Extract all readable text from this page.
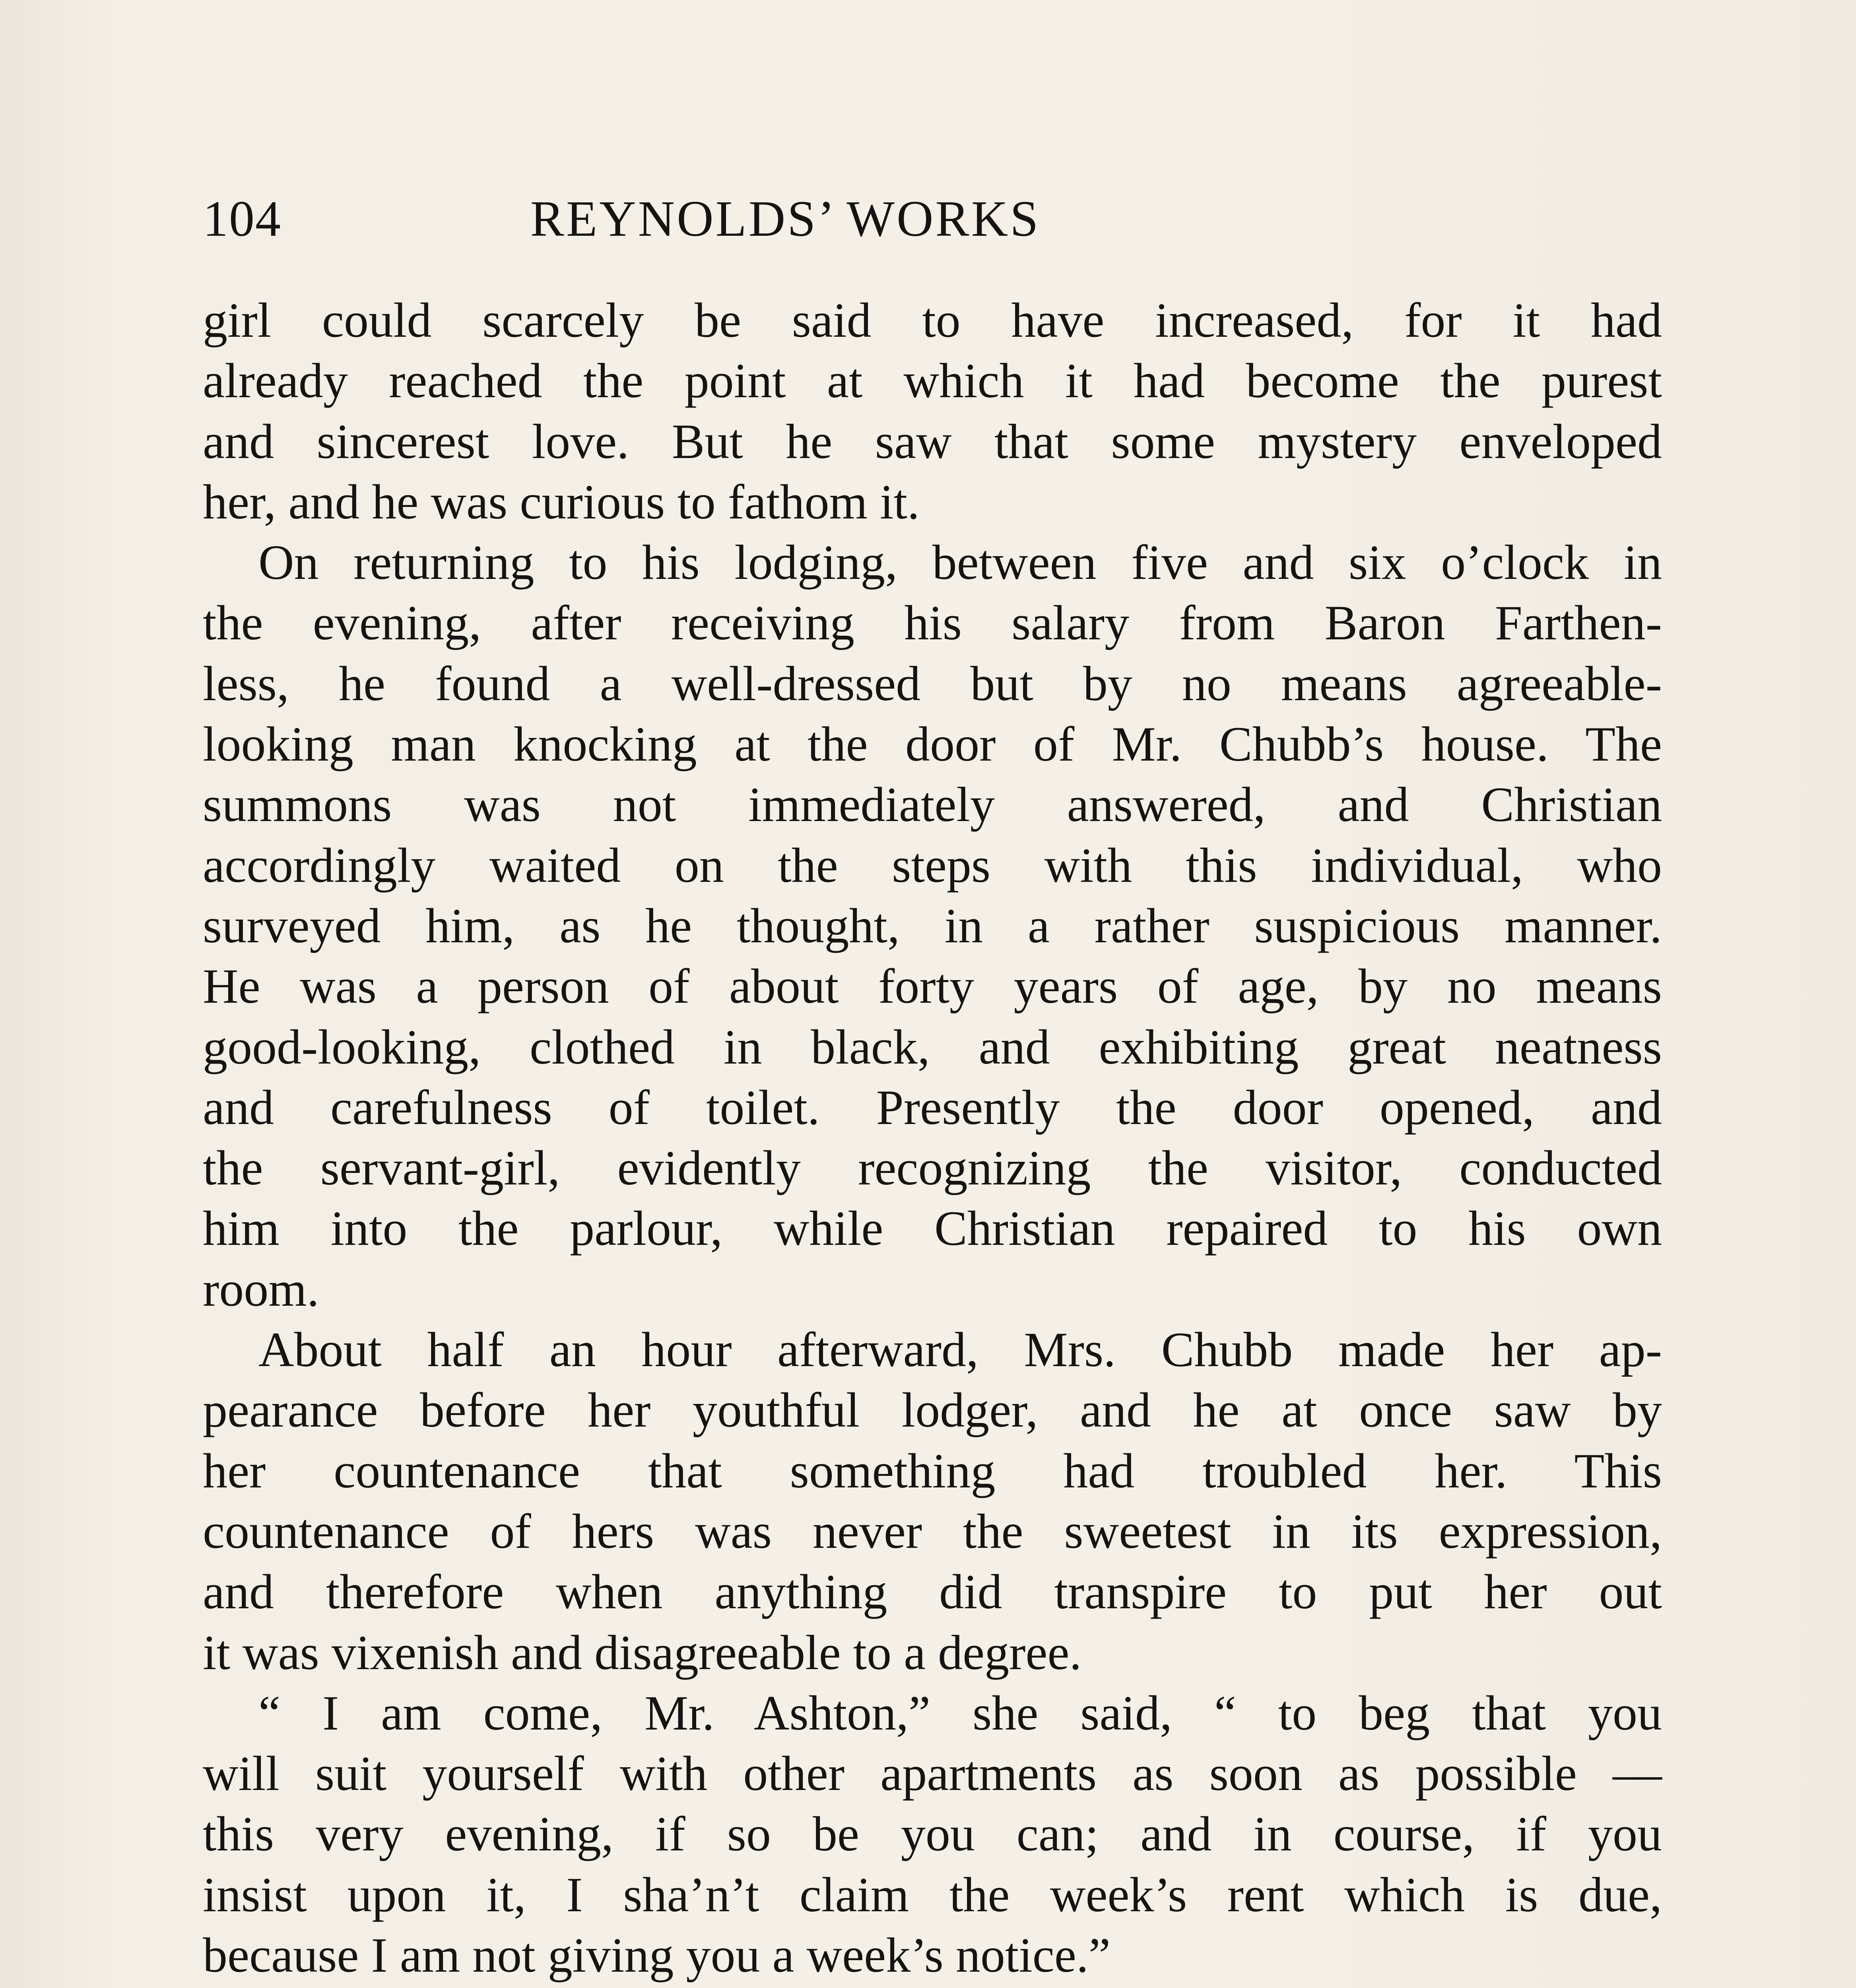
104	REYNOLDS’ WORKS
girl could scarcely be said to have increased, for it had
already reached the point at which it had become the purest
and sincerest love. But he saw that some mystery enveloped
her, and he was curious to fathom it.
On returning to his lodging, between five and six o’clock in
the evening, after receiving his salary from Baron Farthen-
less, he found a well-dressed but by no means agreeable-
looking man knocking at the door of Mr. Chubb’s house. The
summons was not immediately answered, and Christian
accordingly waited on the steps with this individual, who
surveyed him, as he thought, in a rather suspicious manner.
He was a person of about forty years of age, by no means
good-looking, clothed in black, and exhibiting great neatness
and carefulness of toilet. Presently the door opened, and
the servant-girl, evidently recognizing the visitor, conducted
him into the parlour, while Christian repaired to his own
room.
About half an hour afterward, Mrs. Chubb made her ap-
pearance before her youthful lodger, and he at once saw by
her countenance that something had troubled her. This
countenance of hers was never the sweetest in its expression,
and therefore when anything did transpire to put her out
it was vixenish and disagreeable to a degree.
“ I am come, Mr. Ashton,” she said, “ to beg that you
will suit yourself with other apartments as soon as possible —
this very evening, if so be you can; and in course, if you
insist upon it, I sha’n’t claim the week’s rent which is due,
because I am not giving you a week’s notice.”
